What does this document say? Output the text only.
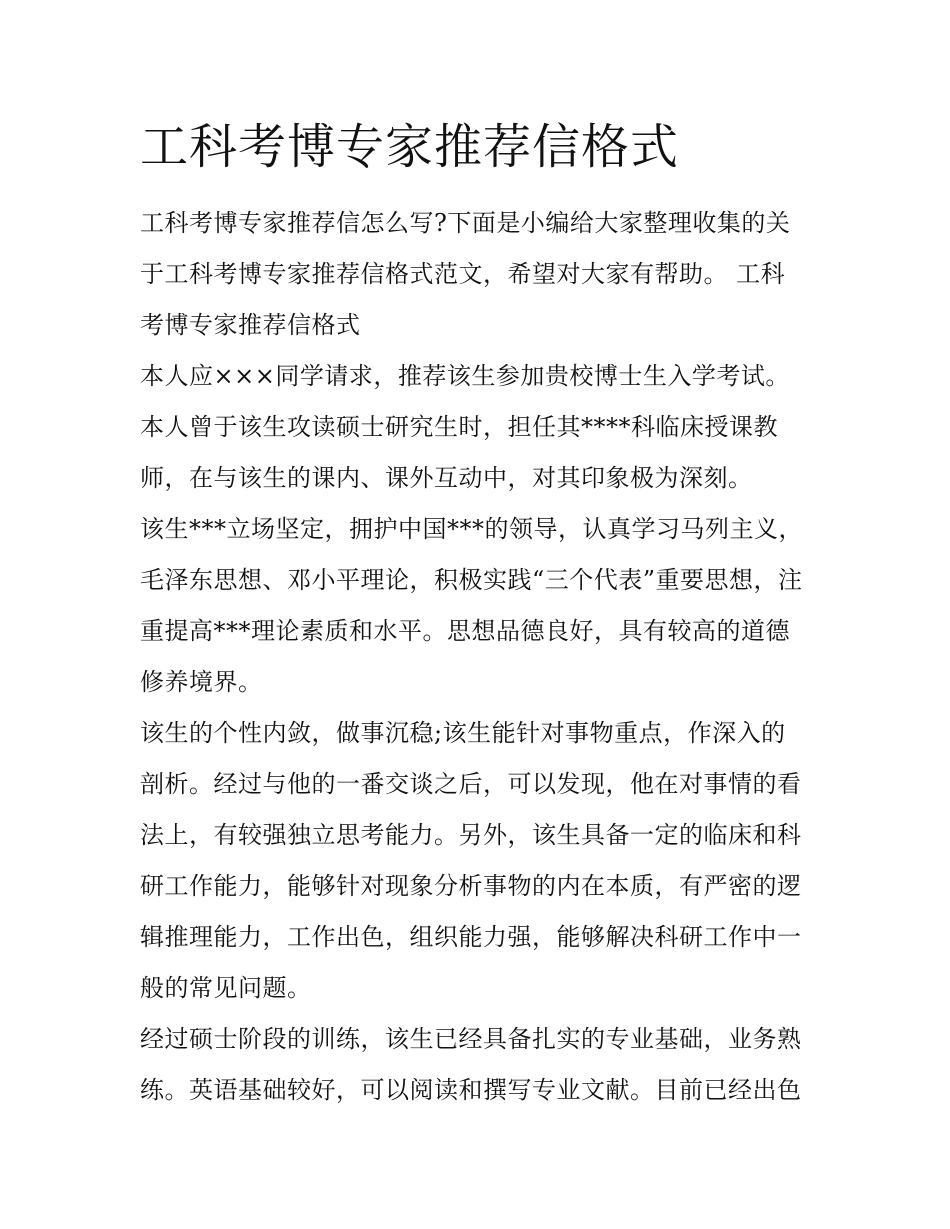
工科考博专家推荐信格式
工科考博专家推荐信怎么写?下面是小编给大家整理收集的关
于工科考博专家推荐信格式范文，希望对大家有帮助。 工科
考博专家推荐信格式
本人应×××同学请求，推荐该生参加贵校博士生入学考试。
本人曾于该生攻读硕士研究生时，担任其****科临床授课教
师，在与该生的课内、课外互动中，对其印象极为深刻。
该生***立场坚定，拥护中国***的领导，认真学习马列主义，
毛泽东思想、邓小平理论，积极实践“三个代表”重要思想，注
重提高***理论素质和水平。思想品德良好，具有较高的道德
修养境界。
该生的个性内敛，做事沉稳;该生能针对事物重点，作深入的
剖析。经过与他的一番交谈之后，可以发现，他在对事情的看
法上，有较强独立思考能力。另外，该生具备一定的临床和科
研工作能力，能够针对现象分析事物的内在本质，有严密的逻
辑推理能力，工作出色，组织能力强，能够解决科研工作中一
般的常见问题。
经过硕士阶段的训练，该生已经具备扎实的专业基础，业务熟
练。英语基础较好，可以阅读和撰写专业文献。目前已经出色
